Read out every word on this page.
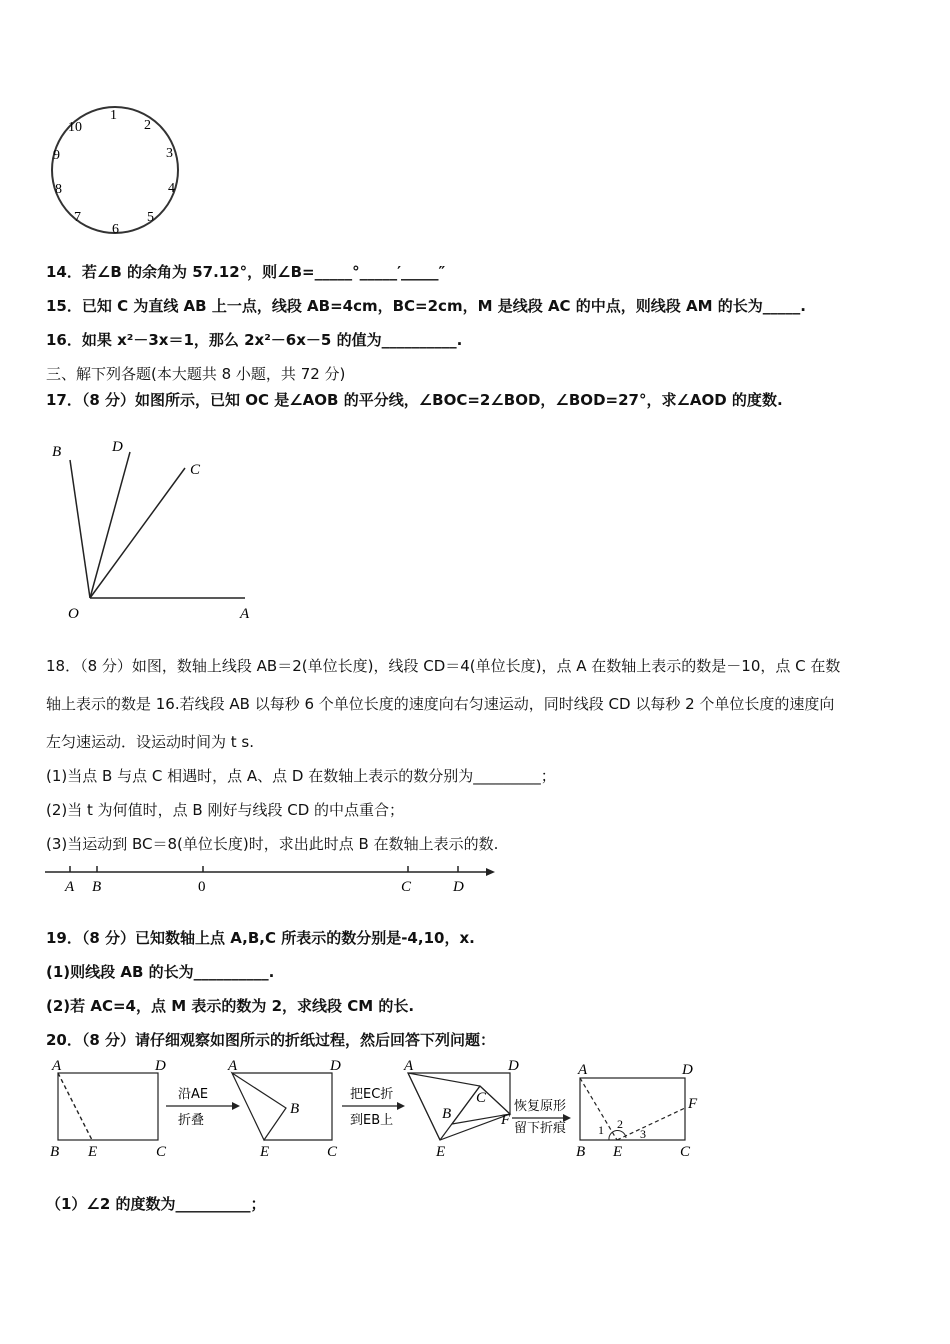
1
2
3
4
5
6
7
8
9
10
14．若∠B 的余角为 57.12°，则∠B=_____°_____′_____″
15．已知 C 为直线 AB 上一点，线段 AB=4cm，BC=2cm，M 是线段 AC 的中点，则线段 AM 的长为_____.
16．如果 x²－3x＝1，那么 2x²－6x－5 的值为__________.
三、解下列各题(本大题共 8 小题，共 72 分)
17．（8 分）如图所示，已知 OC 是∠AOB 的平分线，∠BOC=2∠BOD，∠BOD=27°，求∠AOD 的度数.
B	D
C
O	A
18．（8 分）如图，数轴上线段 AB＝2(单位长度)，线段 CD＝4(单位长度)，点 A 在数轴上表示的数是－10，点 C 在数
轴上表示的数是 16.若线段 AB 以每秒 6 个单位长度的速度向右匀速运动，同时线段 CD 以每秒 2 个单位长度的速度向
左匀速运动．设运动时间为 t s.
(1)当点 B 与点 C 相遇时，点 A、点 D 在数轴上表示的数分别为_________；
(2)当 t 为何值时，点 B 刚好与线段 CD 的中点重合；
(3)当运动到 BC＝8(单位长度)时，求出此时点 B 在数轴上表示的数.
A B	0	C	D
19．（8 分）已知数轴上点 A,B,C 所表示的数分别是-4,10，x.
(1)则线段 AB 的长为__________.
(2)若 AC=4，点 M 表示的数为 2，求线段 CM 的长.
20．（8 分）请仔细观察如图所示的折纸过程，然后回答下列问题：
A	D
B E	C
沿AE
折叠
A	D
B
E	C
把EC折
到EB上
A	D
B
C
F
E
恢复原形
留下折痕
A	D
F
B E	C
1 2
3
（1）∠2 的度数为__________；
